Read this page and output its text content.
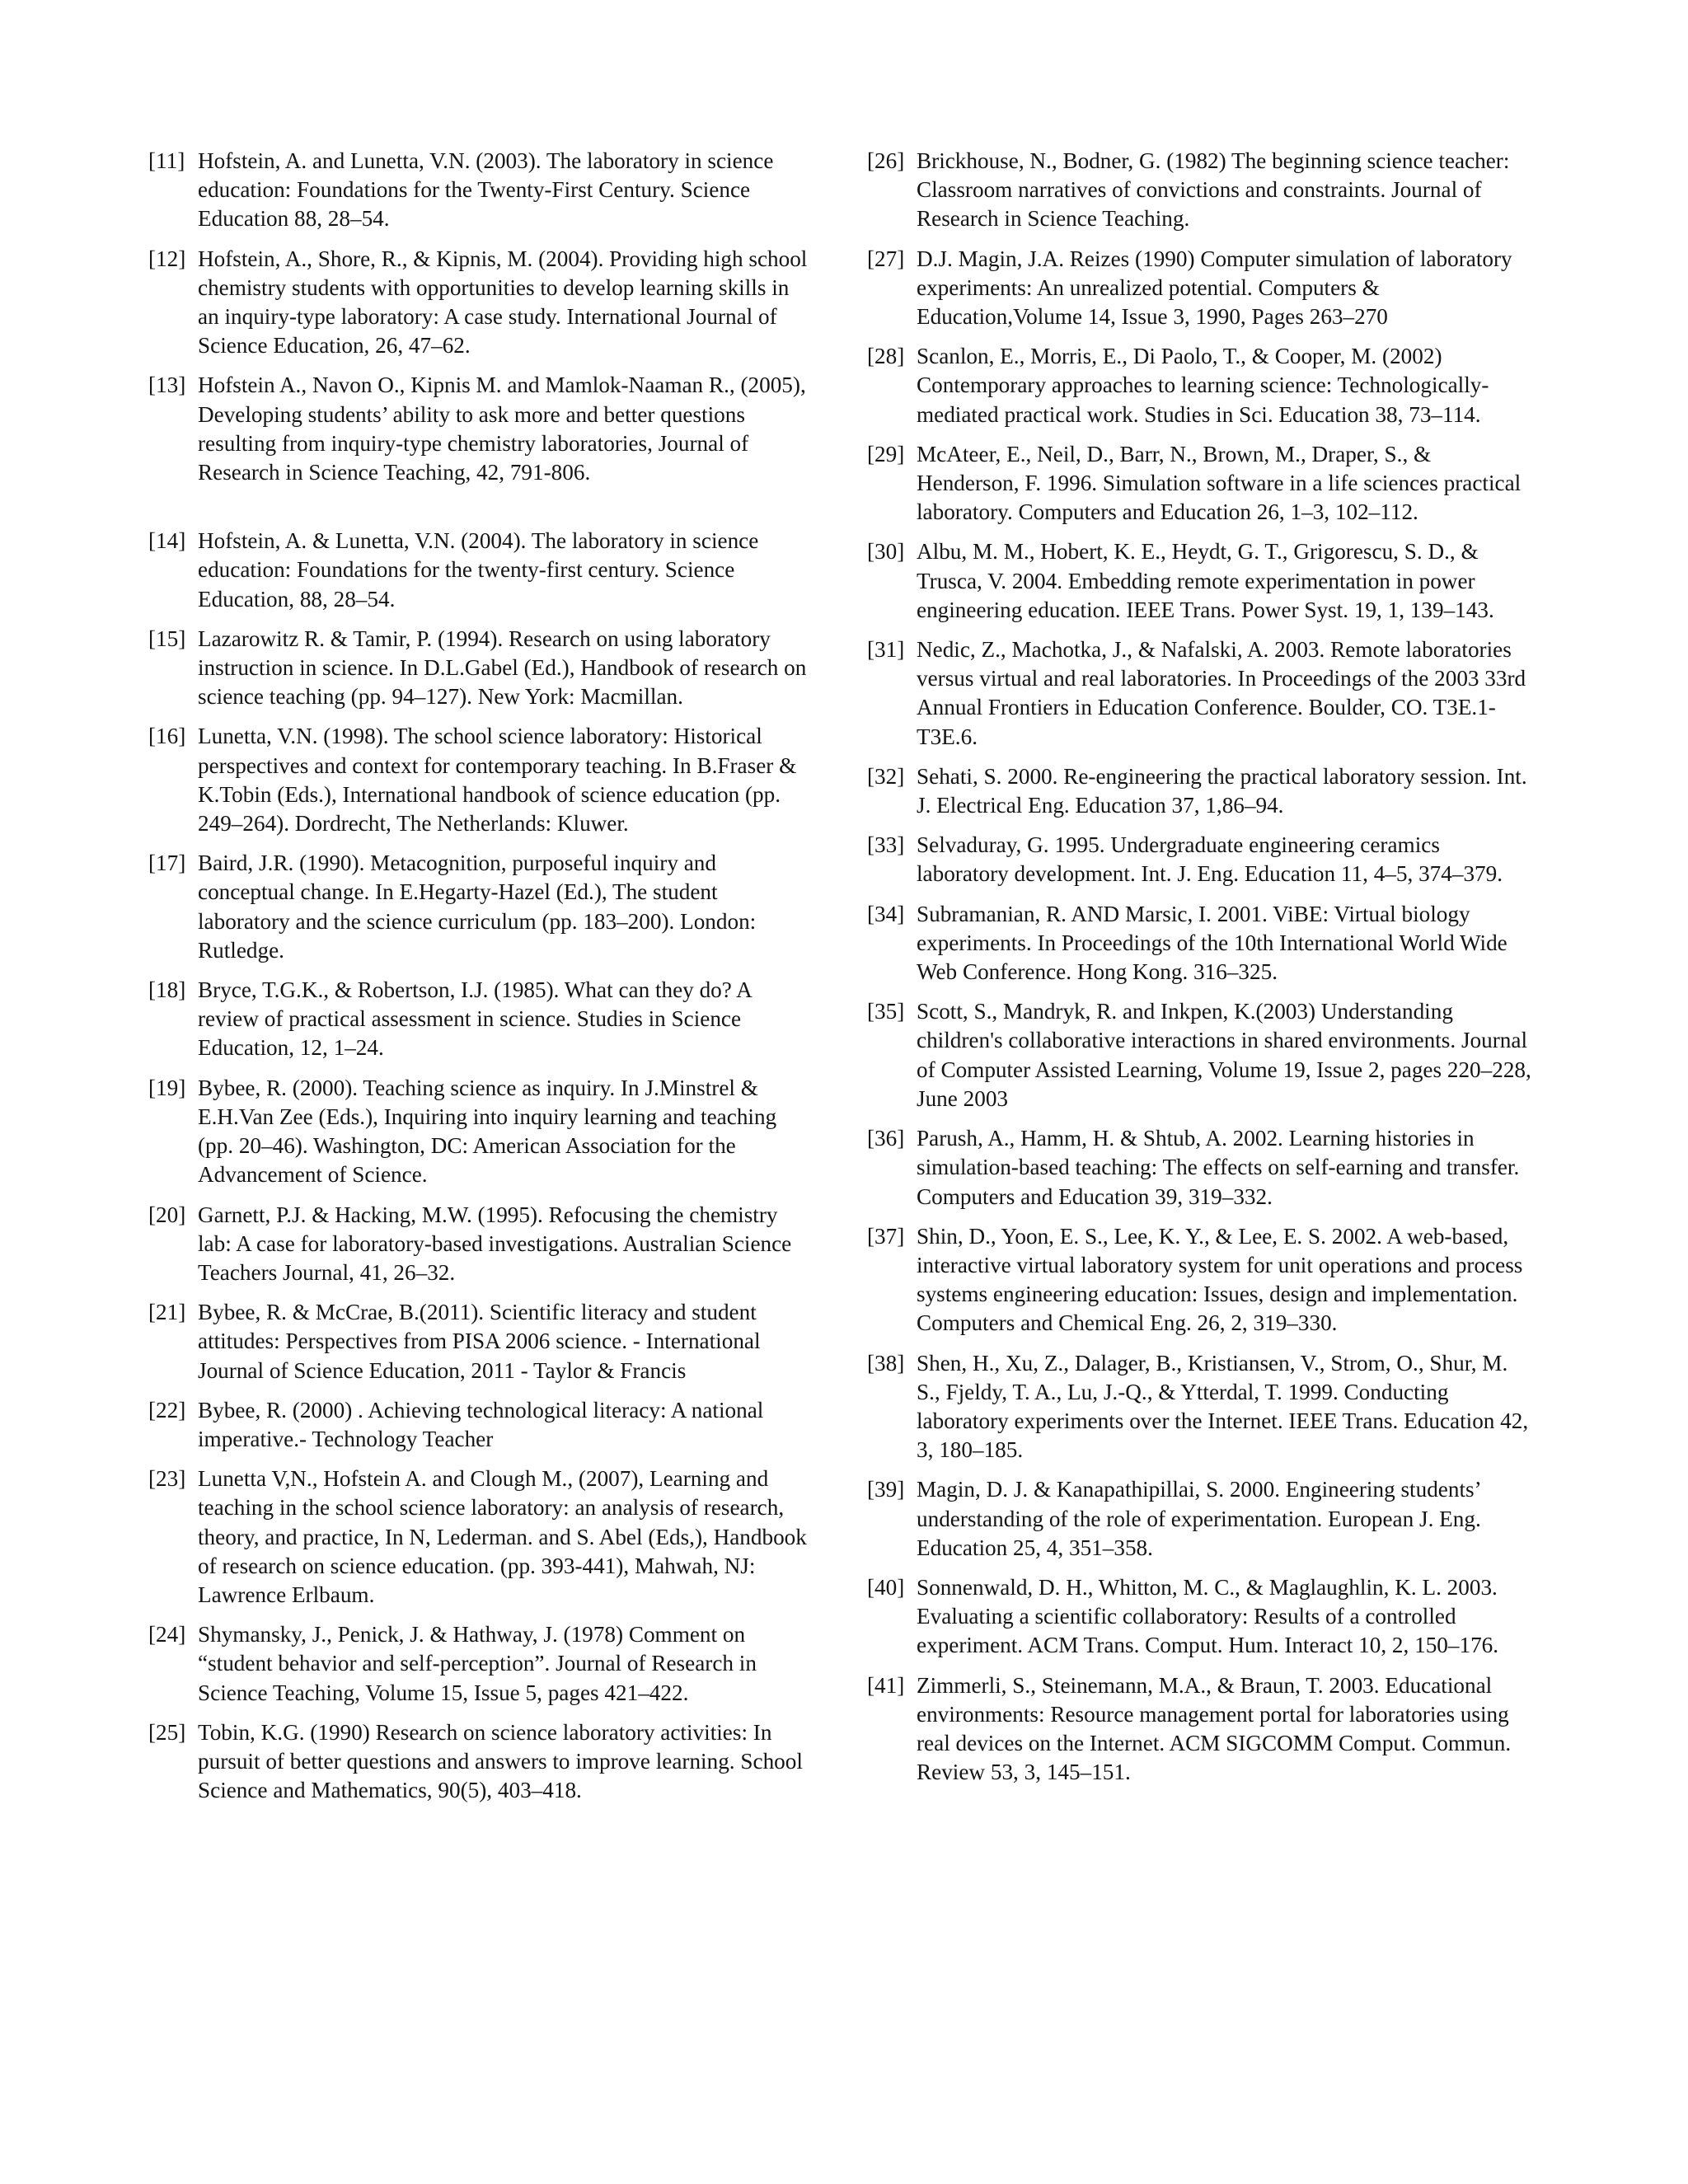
[11] Hofstein, A. and Lunetta, V.N. (2003). The laboratory in science education: Foundations for the Twenty-First Century. Science Education 88, 28–54.
[12] Hofstein, A., Shore, R., & Kipnis, M. (2004). Providing high school chemistry students with opportunities to develop learning skills in an inquiry-type laboratory: A case study. International Journal of Science Education, 26, 47–62.
[13] Hofstein A., Navon O., Kipnis M. and Mamlok-Naaman R., (2005), Developing students’ ability to ask more and better questions resulting from inquiry-type chemistry laboratories, Journal of Research in Science Teaching, 42, 791-806.
[14] Hofstein, A. & Lunetta, V.N. (2004). The laboratory in science education: Foundations for the twenty-first century. Science Education, 88, 28–54.
[15] Lazarowitz R. & Tamir, P. (1994). Research on using laboratory instruction in science. In D.L.Gabel (Ed.), Handbook of research on science teaching (pp. 94–127). New York: Macmillan.
[16] Lunetta, V.N. (1998). The school science laboratory: Historical perspectives and context for contemporary teaching. In B.Fraser & K.Tobin (Eds.), International handbook of science education (pp. 249–264). Dordrecht, The Netherlands: Kluwer.
[17] Baird, J.R. (1990). Metacognition, purposeful inquiry and conceptual change. In E.Hegarty-Hazel (Ed.), The student laboratory and the science curriculum (pp. 183–200). London: Rutledge.
[18] Bryce, T.G.K., & Robertson, I.J. (1985). What can they do? A review of practical assessment in science. Studies in Science Education, 12, 1–24.
[19] Bybee, R. (2000). Teaching science as inquiry. In J.Minstrel & E.H.Van Zee (Eds.), Inquiring into inquiry learning and teaching (pp. 20–46). Washington, DC: American Association for the Advancement of Science.
[20] Garnett, P.J. & Hacking, M.W. (1995). Refocusing the chemistry lab: A case for laboratory-based investigations. Australian Science Teachers Journal, 41, 26–32.
[21] Bybee, R. & McCrae, B.(2011). Scientific literacy and student attitudes: Perspectives from PISA 2006 science. - International Journal of Science Education, 2011 - Taylor & Francis
[22] Bybee, R. (2000) . Achieving technological literacy: A national imperative.- Technology Teacher
[23] Lunetta V,N., Hofstein A. and Clough M., (2007), Learning and teaching in the school science laboratory: an analysis of research, theory, and practice, In N, Lederman. and S. Abel (Eds,), Handbook of research on science education. (pp. 393-441), Mahwah, NJ: Lawrence Erlbaum.
[24] Shymansky, J., Penick, J. & Hathway, J. (1978) Comment on “student behavior and self-perception”. Journal of Research in Science Teaching, Volume 15, Issue 5, pages 421–422.
[25] Tobin, K.G. (1990) Research on science laboratory activities: In pursuit of better questions and answers to improve learning. School Science and Mathematics, 90(5), 403–418.
[26] Brickhouse, N., Bodner, G. (1982) The beginning science teacher: Classroom narratives of convictions and constraints. Journal of Research in Science Teaching.
[27] D.J. Magin, J.A. Reizes (1990) Computer simulation of laboratory experiments: An unrealized potential. Computers & Education,Volume 14, Issue 3, 1990, Pages 263–270
[28] Scanlon, E., Morris, E., Di Paolo, T., & Cooper, M. (2002) Contemporary approaches to learning science: Technologically-mediated practical work. Studies in Sci. Education 38, 73–114.
[29] McAteer, E., Neil, D., Barr, N., Brown, M., Draper, S., & Henderson, F. 1996. Simulation software in a life sciences practical laboratory. Computers and Education 26, 1–3, 102–112.
[30] Albu, M. M., Hobert, K. E., Heydt, G. T., Grigorescu, S. D., & Trusca, V. 2004. Embedding remote experimentation in power engineering education. IEEE Trans. Power Syst. 19, 1, 139–143.
[31] Nedic, Z., Machotka, J., & Nafalski, A. 2003. Remote laboratories versus virtual and real laboratories. In Proceedings of the 2003 33rd Annual Frontiers in Education Conference. Boulder, CO. T3E.1-T3E.6.
[32] Sehati, S. 2000. Re-engineering the practical laboratory session. Int. J. Electrical Eng. Education 37, 1,86–94.
[33] Selvaduray, G. 1995. Undergraduate engineering ceramics laboratory development. Int. J. Eng. Education 11, 4–5, 374–379.
[34] Subramanian, R. AND Marsic, I. 2001. ViBE: Virtual biology experiments. In Proceedings of the 10th International World Wide Web Conference. Hong Kong. 316–325.
[35] Scott, S., Mandryk, R. and Inkpen, K.(2003) Understanding children's collaborative interactions in shared environments. Journal of Computer Assisted Learning, Volume 19, Issue 2, pages 220–228, June 2003
[36] Parush, A., Hamm, H. & Shtub, A. 2002. Learning histories in simulation-based teaching: The effects on self-earning and transfer. Computers and Education 39, 319–332.
[37] Shin, D., Yoon, E. S., Lee, K. Y., & Lee, E. S. 2002. A web-based, interactive virtual laboratory system for unit operations and process systems engineering education: Issues, design and implementation. Computers and Chemical Eng. 26, 2, 319–330.
[38] Shen, H., Xu, Z., Dalager, B., Kristiansen, V., Strom, O., Shur, M. S., Fjeldy, T. A., Lu, J.-Q., & Ytterdal, T. 1999. Conducting laboratory experiments over the Internet. IEEE Trans. Education 42, 3, 180–185.
[39] Magin, D. J. & Kanapathipillai, S. 2000. Engineering students’ understanding of the role of experimentation. European J. Eng. Education 25, 4, 351–358.
[40] Sonnenwald, D. H., Whitton, M. C., & Maglaughlin, K. L. 2003. Evaluating a scientific collaboratory: Results of a controlled experiment. ACM Trans. Comput. Hum. Interact 10, 2, 150–176.
[41] Zimmerli, S., Steinemann, M.A., & Braun, T. 2003. Educational environments: Resource management portal for laboratories using real devices on the Internet. ACM SIGCOMM Comput. Commun. Review 53, 3, 145–151.
